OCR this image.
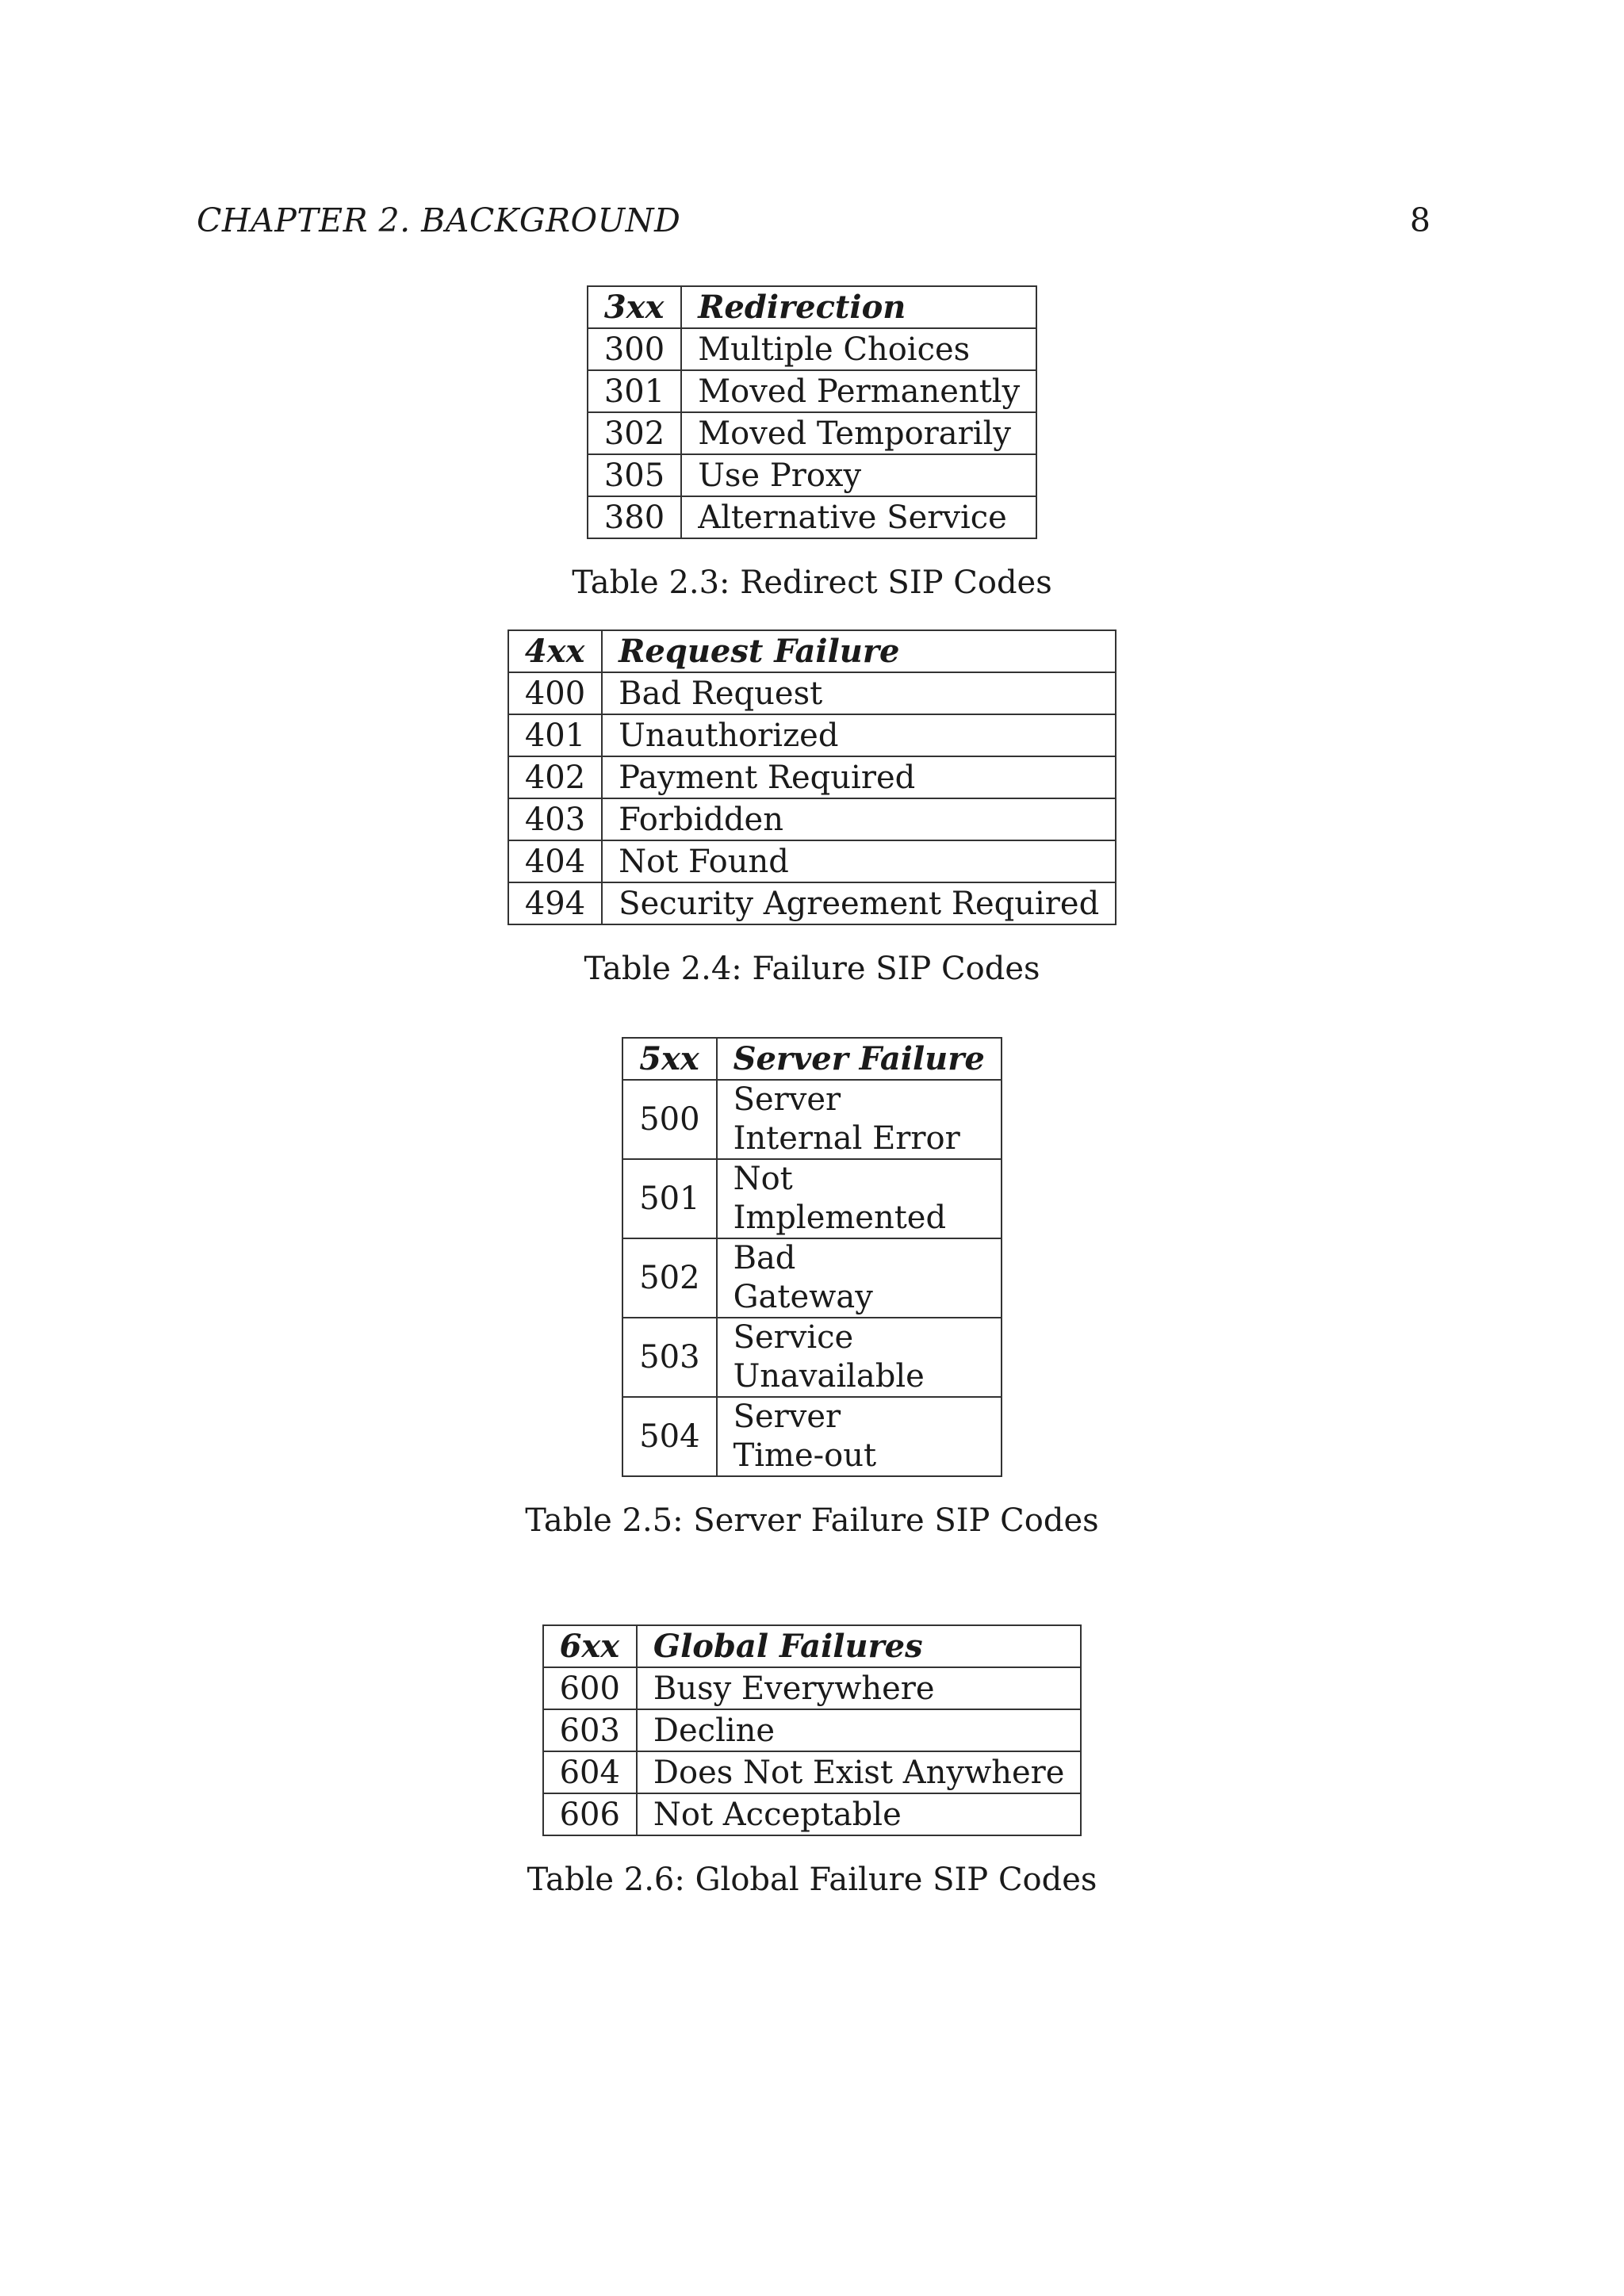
CHAPTER 2. BACKGROUND	8
3xx	Redirection
300	Multiple Choices
301	Moved Permanently
302	Moved Temporarily
305	Use Proxy
380	Alternative Service
Table 2.3: Redirect SIP Codes
4xx	Request Failure
400	Bad Request
401	Unauthorized
402	Payment Required
403	Forbidden
404	Not Found
494	Security Agreement Required
Table 2.4: Failure SIP Codes
5xx	Server Failure
500	Server
Internal Error

501	Not
Implemented

502	Bad
Gateway

503	Service
Unavailable

504	Server
Time-out
Table 2.5: Server Failure SIP Codes
6xx	Global Failures
600	Busy Everywhere
603	Decline
604	Does Not Exist Anywhere
606	Not Acceptable
Table 2.6: Global Failure SIP Codes
